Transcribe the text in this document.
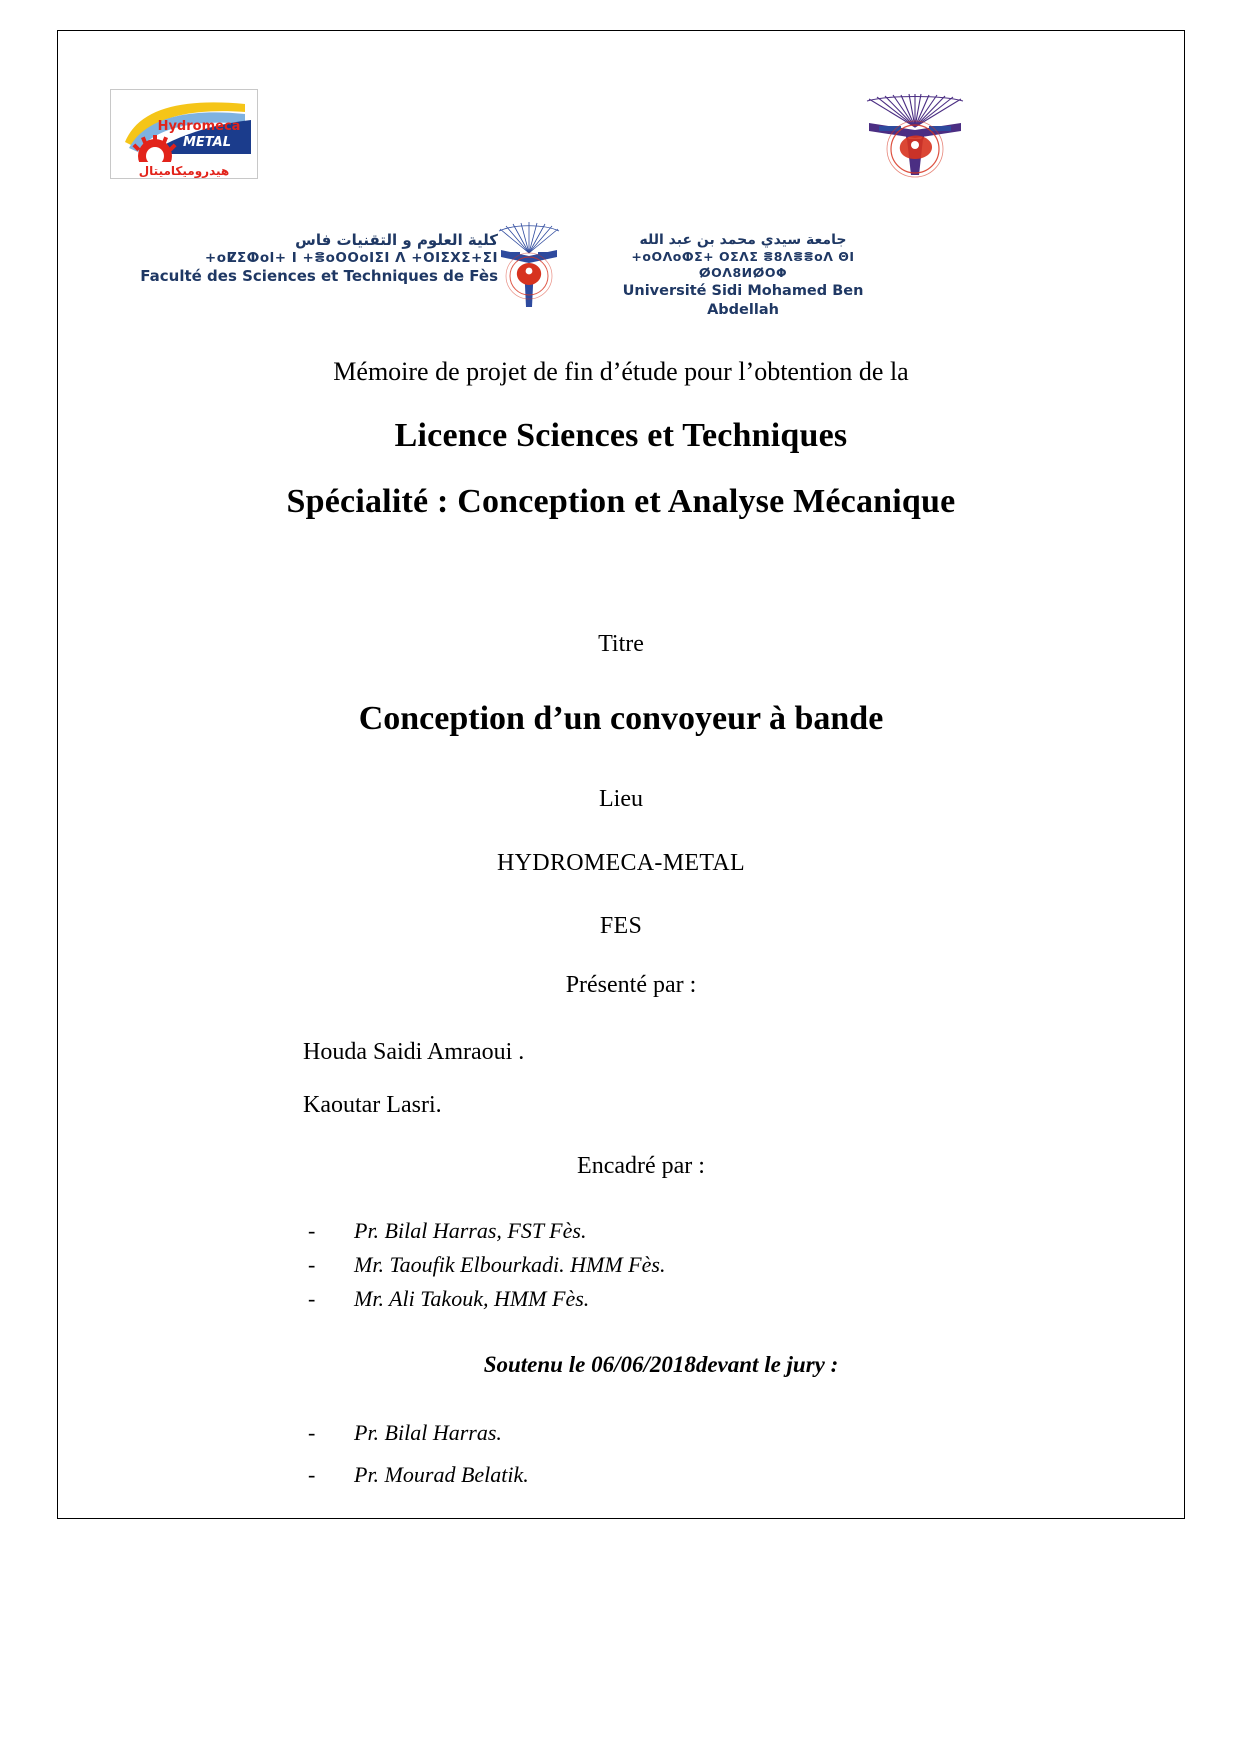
Hydromeca
METAL
هيدروميكاميتال
كلية العلوم و التقنيات فاس
+oⵇΣⵀol+ I +ⴻoOOoIΣI ⴷ +OIΣⵝΣ+ΣI
Faculté des Sciences et Techniques de Fès
جامعة سيدي محمد بن عبد الله
+oOⴷoⵀΣ+ OΣⴷΣ ⴻ8ⴷⴻⴻoⴷ ΘI ⵁOⴷ8ИⵁOΦ
Université Sidi Mohamed Ben Abdellah
Mémoire de projet de fin d’étude pour l’obtention de la
Licence Sciences et Techniques
Spécialité : Conception et Analyse Mécanique
Titre
Conception d’un convoyeur à bande
Lieu
HYDROMECA-METAL
FES
Présenté par :
Houda Saidi Amraoui .
Kaoutar Lasri.
Encadré par :
- Pr. Bilal Harras, FST Fès.
- Mr. Taoufik Elbourkadi. HMM Fès.
- Mr. Ali Takouk, HMM Fès.
Soutenu le 06/06/2018devant le jury :
- Pr. Bilal Harras.
- Pr. Mourad Belatik.
